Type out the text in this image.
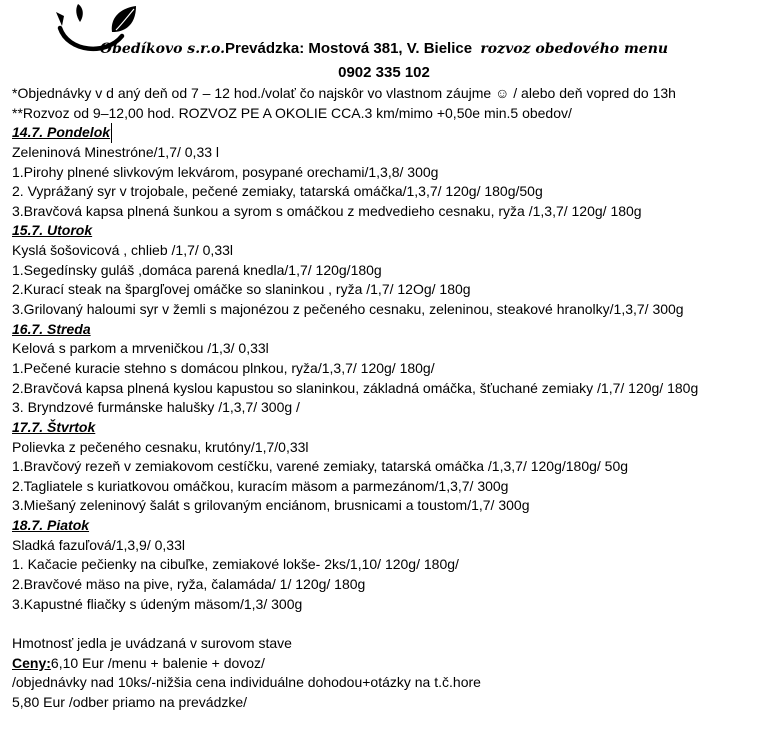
Obedíkovo s.r.o.Prevádzka: Mostová 381, V. Bielice rozvoz obedového menu
0902 335 102
*Objednávky v d aný deň od 7 – 12 hod./volať čo najskôr vo vlastnom záujme ☺ / alebo deň vopred do 13h
**Rozvoz od 9–12,00 hod. ROZVOZ PE A OKOLIE CCA.3 km/mimo +0,50e min.5 obedov/
14.7. Pondelok
Zeleninová Minestróne/1,7/ 0,33 l
1.Pirohy plnené slivkovým lekvárom, posypané orechami/1,3,8/ 300g
2. Vyprážaný syr v trojobale, pečené zemiaky, tatarská omáčka/1,3,7/ 120g/ 180g/50g
3.Bravčová kapsa plnená šunkou a syrom s omáčkou z medvedieho cesnaku, ryža /1,3,7/ 120g/ 180g
15.7. Utorok
Kyslá šošovicová , chlieb /1,7/ 0,33l
1.Segedínsky guláš ,domáca parená knedla/1,7/ 120g/180g
2.Kurací steak na špargľovej omáčke so slaninkou , ryža /1,7/ 12Og/ 180g
3.Grilovaný haloumi syr v žemli s majonézou z pečeného cesnaku, zeleninou, steakové hranolky/1,3,7/ 300g
16.7. Streda
Kelová s parkom a mrveničkou /1,3/ 0,33l
1.Pečené kuracie stehno s domácou plnkou, ryža/1,3,7/ 120g/ 180g/
2.Bravčová kapsa plnená kyslou kapustou so slaninkou, základná omáčka, šťuchané zemiaky /1,7/ 120g/ 180g
3. Bryndzové furmánske halušky /1,3,7/ 300g /
17.7. Štvrtok
Polievka z pečeného cesnaku, krutóny/1,7/0,33l
1.Bravčový rezeň v zemiakovom cestíčku, varené zemiaky, tatarská omáčka /1,3,7/ 120g/180g/ 50g
2.Tagliatele s kuriatkovou omáčkou, kuracím mäsom a parmezánom/1,3,7/ 300g
3.Miešaný zeleninový šalát s grilovaným enciánom, brusnicami a toustom/1,7/ 300g
18.7. Piatok
Sladká fazuľová/1,3,9/ 0,33l
1. Kačacie pečienky na cibuľke, zemiakové lokše- 2ks/1,10/ 120g/ 180g/
2.Bravčové mäso na pive, ryža, čalamáda/ 1/ 120g/ 180g
3.Kapustné fliačky s údeným mäsom/1,3/ 300g
Hmotnosť jedla je uvádzaná v surovom stave
Ceny:6,10 Eur /menu + balenie + dovoz/
/objednávky nad 10ks/-nižšia cena individuálne dohodou+otázky na t.č.hore
5,80 Eur /odber priamo na prevádzke/
